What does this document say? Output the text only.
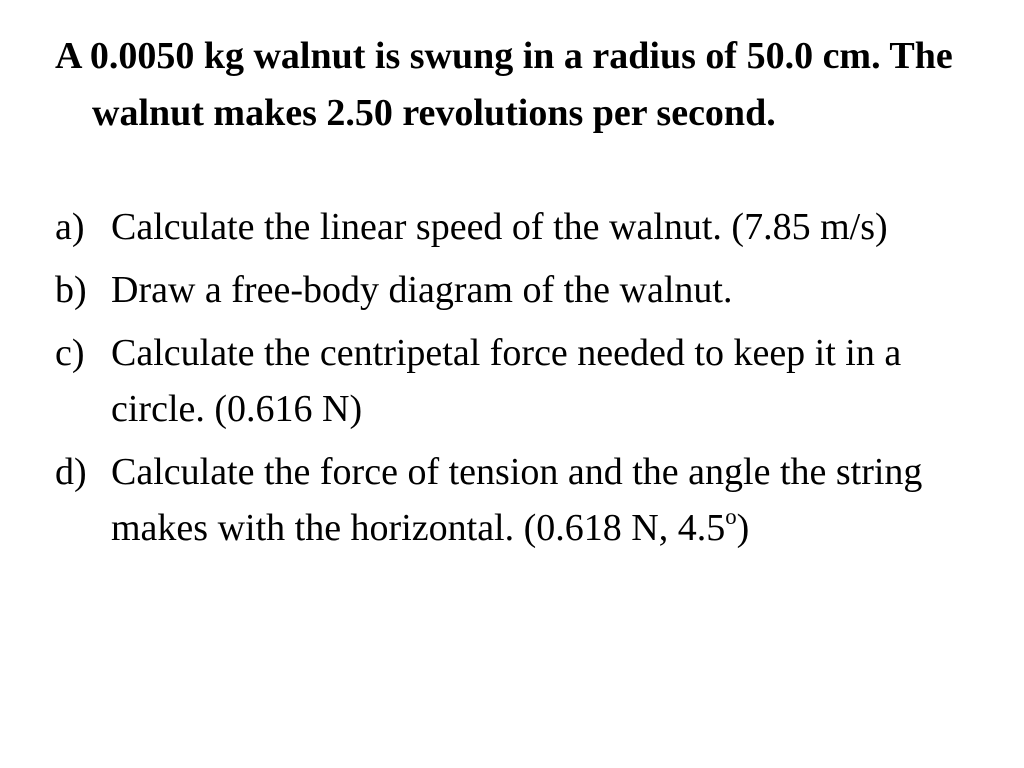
A 0.0050 kg walnut is swung in a radius of 50.0 cm. The walnut makes 2.50 revolutions per second.

a) Calculate the linear speed of the walnut. (7.85 m/s)
b) Draw a free-body diagram of the walnut.
c) Calculate the centripetal force needed to keep it in a circle. (0.616 N)
d) Calculate the force of tension and the angle the string makes with the horizontal. (0.618 N, 4.5$^o$)
